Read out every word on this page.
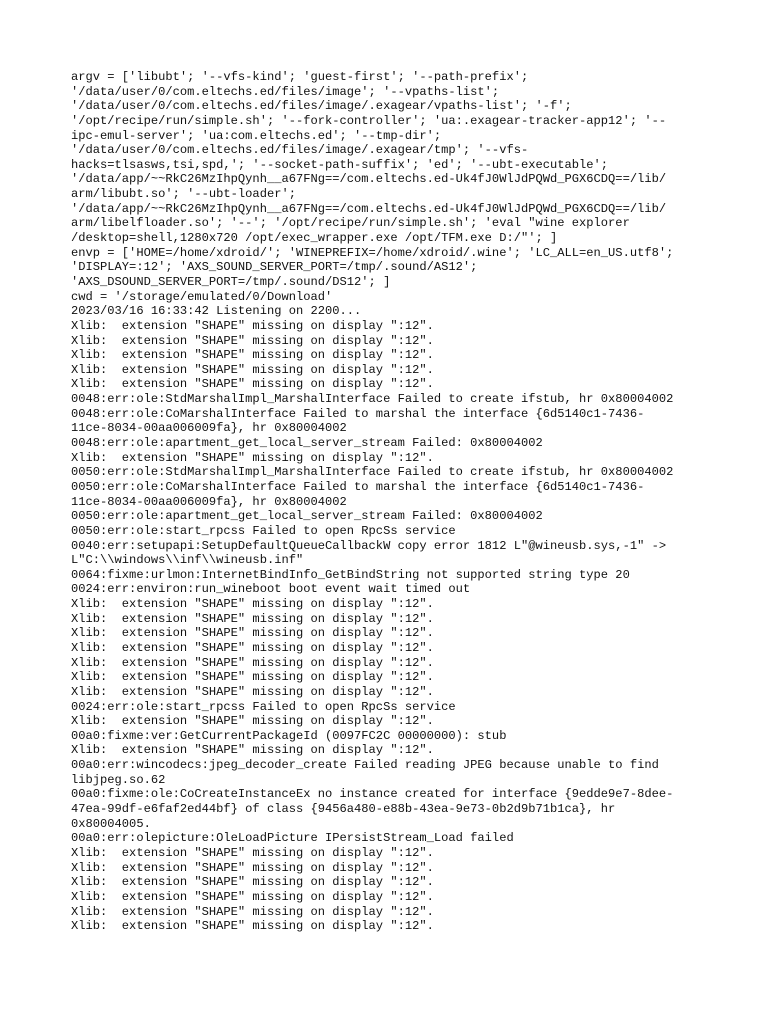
argv = ['libubt'; '--vfs-kind'; 'guest-first'; '--path-prefix';
'/data/user/0/com.eltechs.ed/files/image'; '--vpaths-list';
'/data/user/0/com.eltechs.ed/files/image/.exagear/vpaths-list'; '-f';
'/opt/recipe/run/simple.sh'; '--fork-controller'; 'ua:.exagear-tracker-app12'; '--
ipc-emul-server'; 'ua:com.eltechs.ed'; '--tmp-dir';
'/data/user/0/com.eltechs.ed/files/image/.exagear/tmp'; '--vfs-
hacks=tlsasws,tsi,spd,'; '--socket-path-suffix'; 'ed'; '--ubt-executable';
'/data/app/~~RkC26MzIhpQynh__a67FNg==/com.eltechs.ed-Uk4fJ0WlJdPQWd_PGX6CDQ==/lib/
arm/libubt.so'; '--ubt-loader';
'/data/app/~~RkC26MzIhpQynh__a67FNg==/com.eltechs.ed-Uk4fJ0WlJdPQWd_PGX6CDQ==/lib/
arm/libelfloader.so'; '--'; '/opt/recipe/run/simple.sh'; 'eval "wine explorer
/desktop=shell,1280x720 /opt/exec_wrapper.exe /opt/TFM.exe D:/"'; ]
envp = ['HOME=/home/xdroid/'; 'WINEPREFIX=/home/xdroid/.wine'; 'LC_ALL=en_US.utf8';
'DISPLAY=:12'; 'AXS_SOUND_SERVER_PORT=/tmp/.sound/AS12';
'AXS_DSOUND_SERVER_PORT=/tmp/.sound/DS12'; ]
cwd = '/storage/emulated/0/Download'
2023/03/16 16:33:42 Listening on 2200...
Xlib:  extension "SHAPE" missing on display ":12".
Xlib:  extension "SHAPE" missing on display ":12".
Xlib:  extension "SHAPE" missing on display ":12".
Xlib:  extension "SHAPE" missing on display ":12".
Xlib:  extension "SHAPE" missing on display ":12".
0048:err:ole:StdMarshalImpl_MarshalInterface Failed to create ifstub, hr 0x80004002
0048:err:ole:CoMarshalInterface Failed to marshal the interface {6d5140c1-7436-
11ce-8034-00aa006009fa}, hr 0x80004002
0048:err:ole:apartment_get_local_server_stream Failed: 0x80004002
Xlib:  extension "SHAPE" missing on display ":12".
0050:err:ole:StdMarshalImpl_MarshalInterface Failed to create ifstub, hr 0x80004002
0050:err:ole:CoMarshalInterface Failed to marshal the interface {6d5140c1-7436-
11ce-8034-00aa006009fa}, hr 0x80004002
0050:err:ole:apartment_get_local_server_stream Failed: 0x80004002
0050:err:ole:start_rpcss Failed to open RpcSs service
0040:err:setupapi:SetupDefaultQueueCallbackW copy error 1812 L"@wineusb.sys,-1" ->
L"C:\\windows\\inf\\wineusb.inf"
0064:fixme:urlmon:InternetBindInfo_GetBindString not supported string type 20
0024:err:environ:run_wineboot boot event wait timed out
Xlib:  extension "SHAPE" missing on display ":12".
Xlib:  extension "SHAPE" missing on display ":12".
Xlib:  extension "SHAPE" missing on display ":12".
Xlib:  extension "SHAPE" missing on display ":12".
Xlib:  extension "SHAPE" missing on display ":12".
Xlib:  extension "SHAPE" missing on display ":12".
Xlib:  extension "SHAPE" missing on display ":12".
0024:err:ole:start_rpcss Failed to open RpcSs service
Xlib:  extension "SHAPE" missing on display ":12".
00a0:fixme:ver:GetCurrentPackageId (0097FC2C 00000000): stub
Xlib:  extension "SHAPE" missing on display ":12".
00a0:err:wincodecs:jpeg_decoder_create Failed reading JPEG because unable to find
libjpeg.so.62
00a0:fixme:ole:CoCreateInstanceEx no instance created for interface {9edde9e7-8dee-
47ea-99df-e6faf2ed44bf} of class {9456a480-e88b-43ea-9e73-0b2d9b71b1ca}, hr
0x80004005.
00a0:err:olepicture:OleLoadPicture IPersistStream_Load failed
Xlib:  extension "SHAPE" missing on display ":12".
Xlib:  extension "SHAPE" missing on display ":12".
Xlib:  extension "SHAPE" missing on display ":12".
Xlib:  extension "SHAPE" missing on display ":12".
Xlib:  extension "SHAPE" missing on display ":12".
Xlib:  extension "SHAPE" missing on display ":12".
